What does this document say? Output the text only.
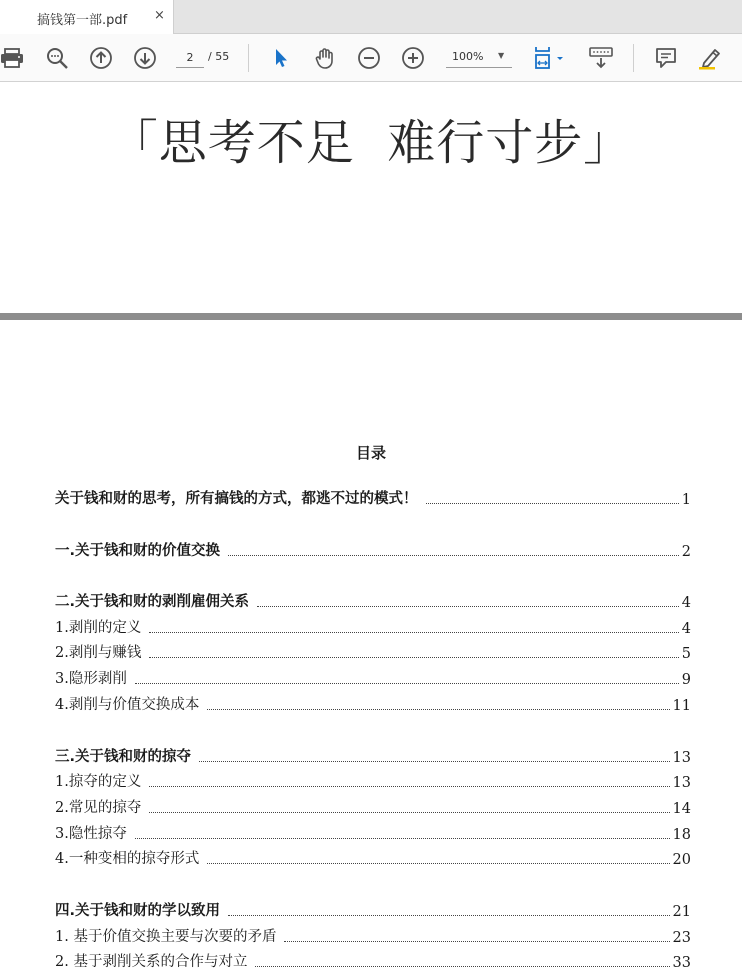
搞钱第一部.pdf ×
2
/ 55	100% ▼
「思考不足  难行寸步」
目录
关于钱和财的思考，所有搞钱的方式，都逃不过的模式！	1
一.关于钱和财的价值交换	2
二.关于钱和财的剥削雇佣关系	4
1.剥削的定义	4
2.剥削与赚钱	5
3.隐形剥削	9
4.剥削与价值交换成本	11
三.关于钱和财的掠夺	13
1.掠夺的定义	13
2.常见的掠夺	14
3.隐性掠夺	18
4.一种变相的掠夺形式	20
四.关于钱和财的学以致用	21
1. 基于价值交换主要与次要的矛盾	23
2. 基于剥削关系的合作与对立	33
